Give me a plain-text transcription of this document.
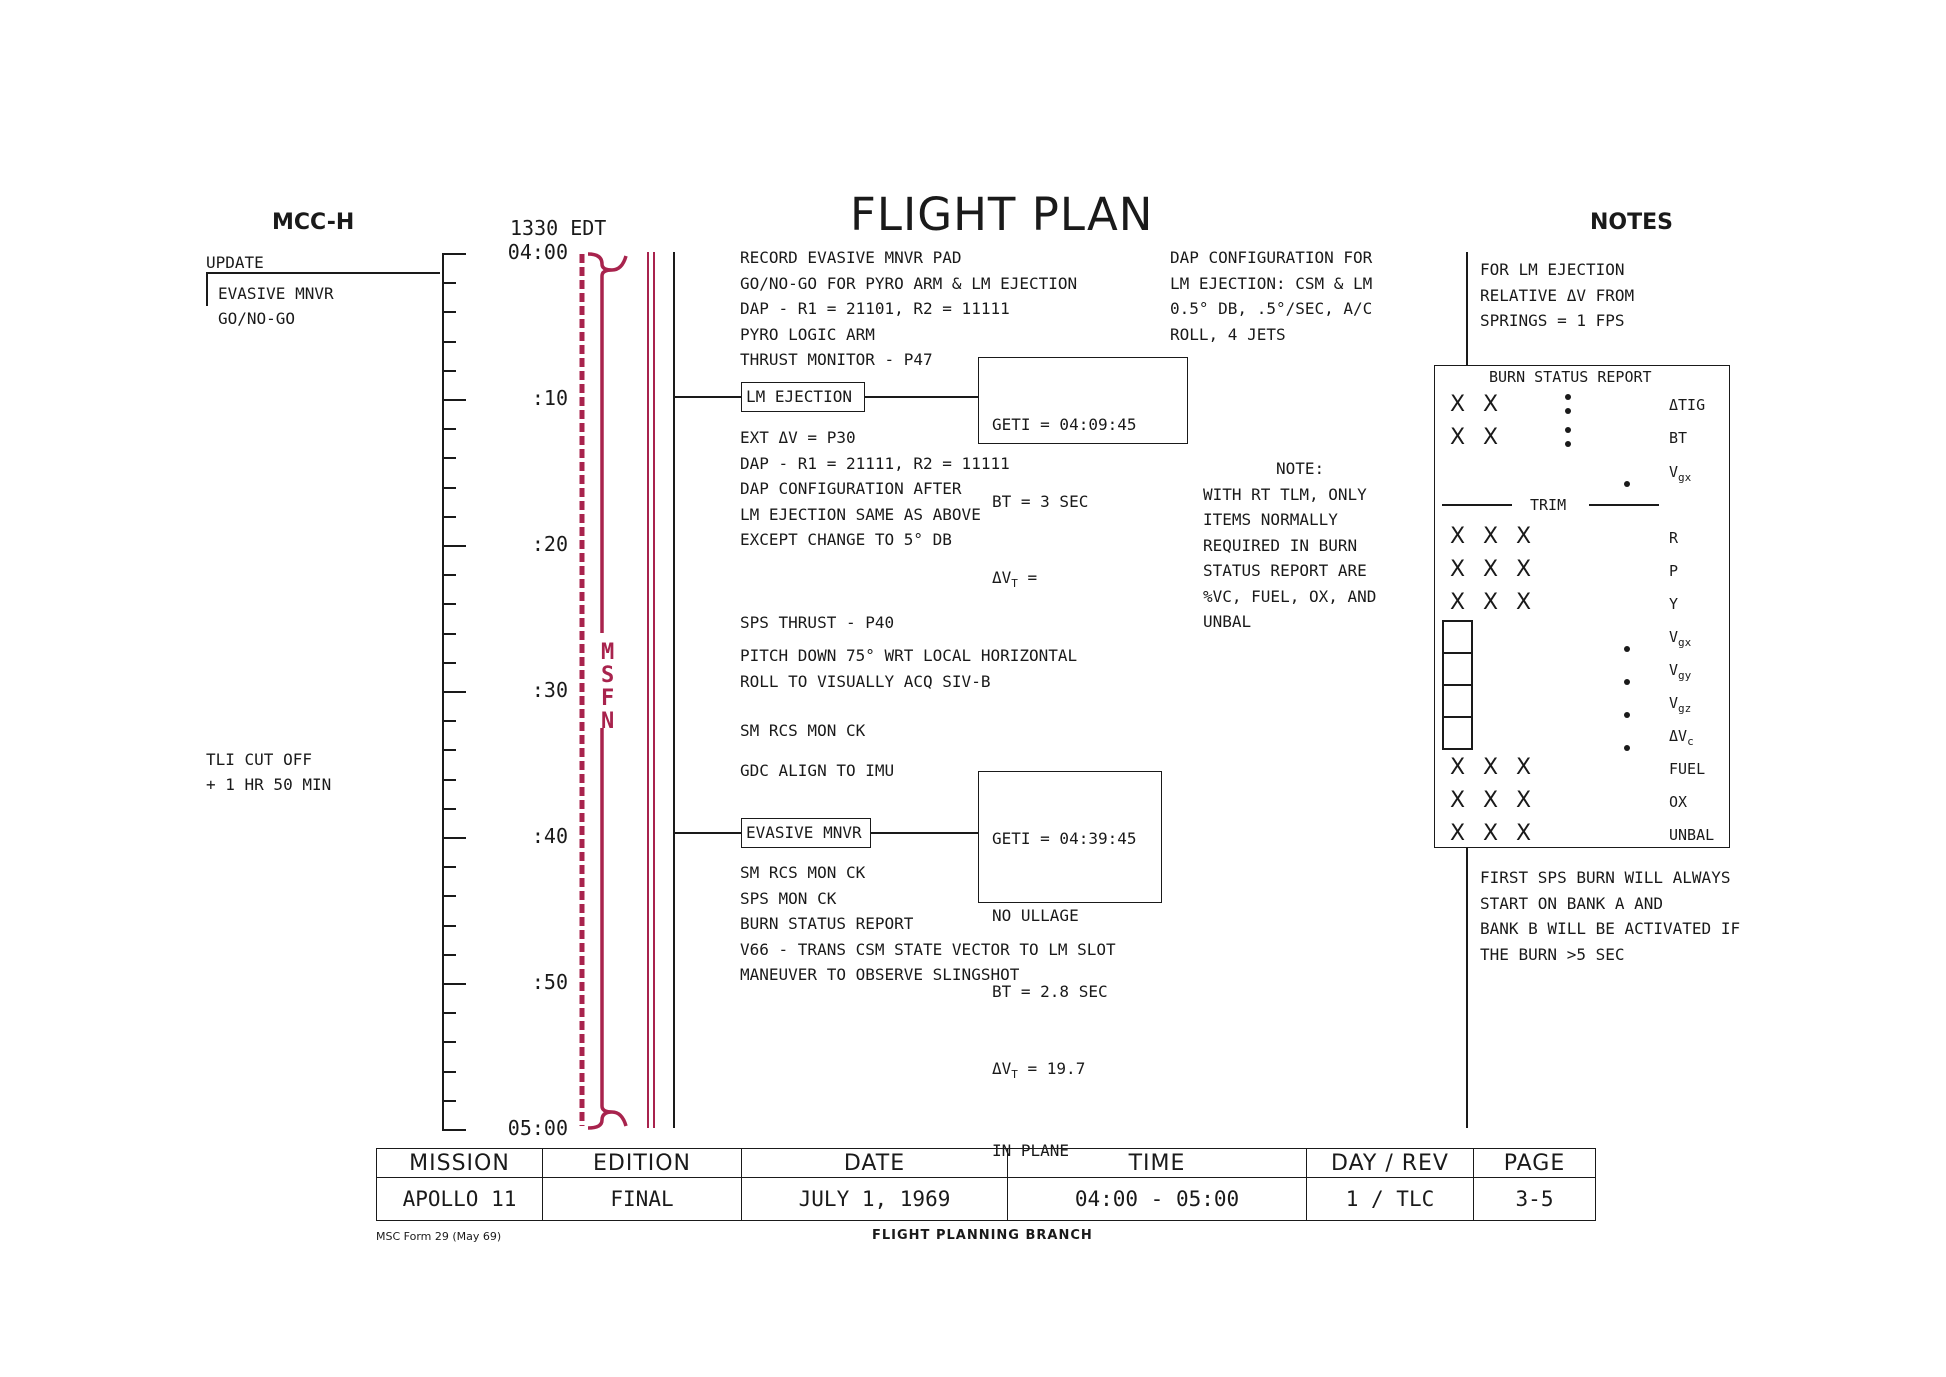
MCC-H	FLIGHT PLAN	NOTES
1330 EDT
UPDATE
EVASIVE MNVR
GO/NO-GO
TLI CUT OFF
+ 1 HR 50 MIN
04:00
:10
:20
:30
:40
:50
05:00
M
S
F
N
RECORD EVASIVE MNVR PAD
GO/NO-GO FOR PYRO ARM & LM EJECTION
DAP - R1 = 21101, R2 = 11111
PYRO LOGIC ARM
THRUST MONITOR - P47
LM EJECTION

GETI = 04:09:45

BT = 3 SEC

$\Delta V_T$ =

EXT ΔV = P30
DAP - R1 = 21111, R2 = 11111
DAP CONFIGURATION AFTER
LM EJECTION SAME AS ABOVE
EXCEPT CHANGE TO 5° DB
SPS THRUST - P40
PITCH DOWN 75° WRT LOCAL HORIZONTAL
ROLL TO VISUALLY ACQ SIV-B
SM RCS MON CK
GDC ALIGN TO IMU
EVASIVE MNVR

	GETI = 04:39:45

NO ULLAGE

BT = 2.8 SEC

$\Delta V_T = 19.7$

IN PLANE

SM RCS MON CK
SPS MON CK
BURN STATUS REPORT
V66 - TRANS CSM STATE VECTOR TO LM SLOT
MANEUVER TO OBSERVE SLINGSHOT
DAP CONFIGURATION FOR
LM EJECTION: CSM & LM
0.5° DB, .5°/SEC, A/C
ROLL, 4 JETS
NOTE:
WITH RT TLM, ONLY
ITEMS NORMALLY
REQUIRED IN BURN
STATUS REPORT ARE
%VC, FUEL, OX, AND
UNBAL
FOR LM EJECTION
RELATIVE ΔV FROM
SPRINGS = 1 FPS
BURN STATUS REPORT
X X	ΔTIG
X X	BT
$V_{gx}$
TRIM
X X X	R
X X X	P
X X X	Y
$V_{gx}$
$V_{gy}$
$V_{gz}$
$\Delta V_c$
X X X	FUEL
X X X	OX
X X X	UNBAL
FIRST SPS BURN WILL ALWAYS
START ON BANK A AND
BANK B WILL BE ACTIVATED IF
THE BURN >5 SEC
MISSION	EDITION	DATE	TIME	DAY / REV	PAGE
APOLLO 11	FINAL	JULY 1, 1969	04:00 - 05:00	1 / TLC	3-5
MSC Form 29 (May 69)	FLIGHT PLANNING BRANCH
